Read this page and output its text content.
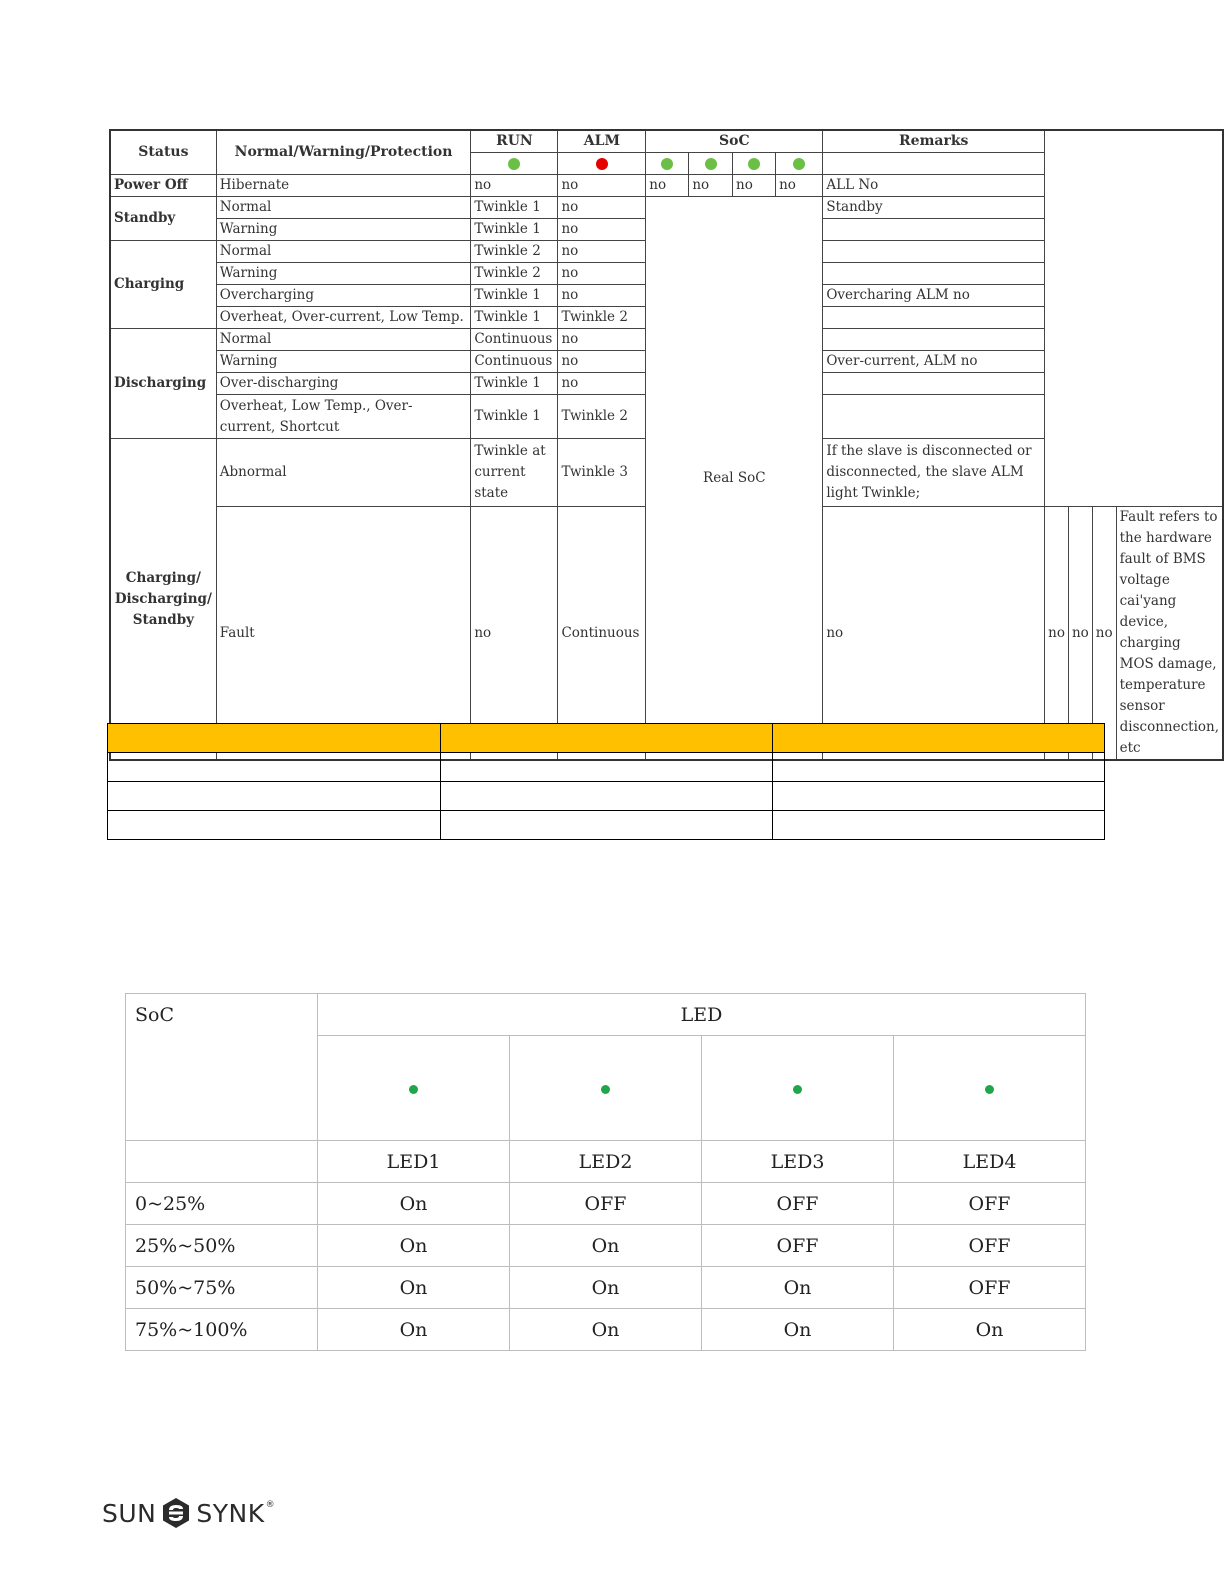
Status	Normal/Warning/Protection	RUN	ALM	SoC				Remarks				

Power Off	Hibernate	no	no	no	no	no	no	ALL No				
Standby	Normal	Twinkle 1	no	Real SoC				Standby				
	Warning	Twinkle 1	no									
Charging	Normal	Twinkle 2	no									
	Warning	Twinkle 2	no									
	Overcharging	Twinkle 1	no					Overcharing ALM no				
	Overheat, Over-current, Low Temp.	Twinkle 1	Twinkle 2									
Discharging	Normal	Continuous	no									
	Warning	Continuous	no					Over-current, ALM no				
	Over-discharging	Twinkle 1	no									
	Overheat, Low Temp., Over-current, Shortcut	Twinkle 1	Twinkle 2									
Charging/ Discharging/ Standby	Abnormal	Twinkle at current state	Twinkle 3					If the slave is disconnected or disconnected, the slave ALM light Twinkle;				
	Fault	no	Continuous					no	no	no	no	Fault refers to the hardware fault of BMS voltage cai'yang device, charging MOS damage, temperature sensor disconnection, etc

SoC	LED			

	LED1	LED2	LED3	LED4
0~25%	On	OFF	OFF	OFF
25%~50%	On	On	OFF	OFF
50%~75%	On	On	On	OFF
75%~100%	On	On	On	On
SUN SYNK ®
